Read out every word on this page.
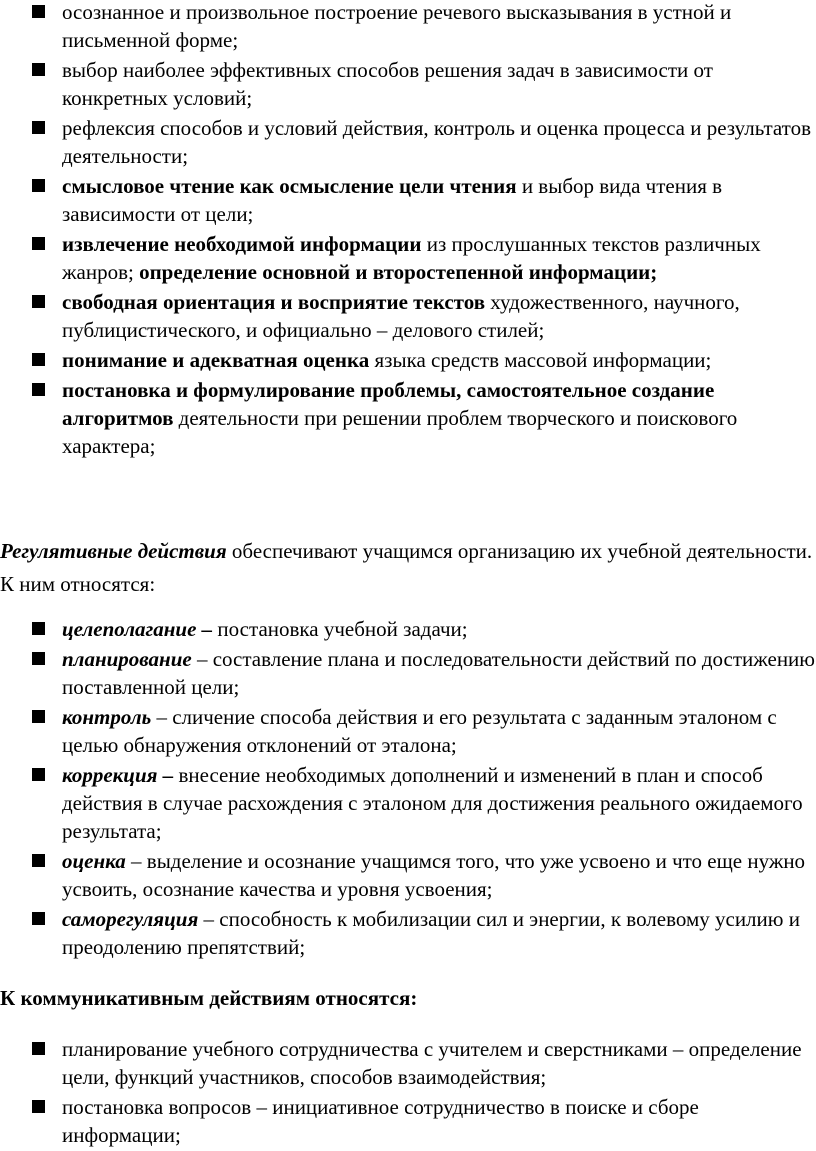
осознанное и произвольное построение речевого высказывания в устной и письменной форме;
выбор наиболее эффективных способов решения задач в зависимости от конкретных условий;
рефлексия способов и условий действия, контроль и оценка процесса и результатов деятельности;
смысловое чтение как осмысление цели чтения и выбор вида чтения в зависимости от цели;
извлечение необходимой информации из прослушанных текстов различных жанров; определение основной и второстепенной информации;
свободная ориентация и восприятие текстов художественного, научного, публицистического, и официально – делового стилей;
понимание и адекватная оценка языка средств массовой информации;
постановка и формулирование проблемы, самостоятельное создание алгоритмов деятельности при решении проблем творческого и поискового характера;

Регулятивные действия обеспечивают учащимся организацию их учебной деятельности. К ним относятся:

целеполагание – постановка учебной задачи;
планирование – составление плана и последовательности действий по достижению поставленной цели;
контроль – сличение способа действия и его результата с заданным эталоном с целью обнаружения отклонений от эталона;
коррекция – внесение необходимых дополнений и изменений в план и способ действия в случае расхождения с эталоном для достижения реального ожидаемого результата;
оценка – выделение и осознание учащимся того, что уже усвоено и что еще нужно усвоить, осознание качества и уровня усвоения;
саморегуляция – способность к мобилизации сил и энергии, к волевому усилию и преодолению препятствий;

К коммуникативным действиям относятся:

планирование учебного сотрудничества с учителем и сверстниками – определение цели, функций участников, способов взаимодействия;
постановка вопросов – инициативное сотрудничество в поиске и сборе информации;
